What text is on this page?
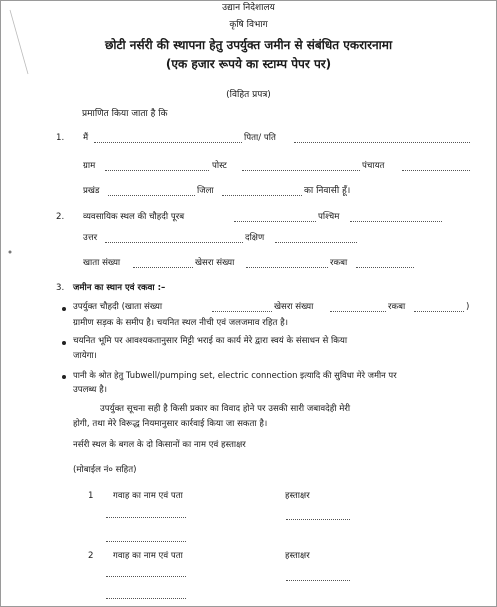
उद्यान निदेशालय
कृषि विभाग
छोटी नर्सरी की स्थापना हेतु उपर्युक्त जमीन से संबंधित एकरारनामा
(एक हजार रूपये का स्टाम्प पेपर पर)
(विहित प्रपत्र)
प्रमाणित किया जाता है कि
1. मैं	पिता/ पति
ग्राम	पोस्ट	पंचायत
प्रखंड	जिला	का निवासी हूँ।
2. व्यवसायिक स्थल की चौहदी पूरब	पश्चिम
उत्तर	दक्षिण
खाता संख्या	खेसरा संख्या	रकबा
3. जमीन का स्थान एवं रकवा :–
उपर्युक्त चौहदी (खाता संख्या	खेसरा संख्या	रकबा	)
ग्रामीण सड़क के समीप है। चयनित स्थल नीची एवं जलजमाव रहित है।
चयनित भूमि पर आवश्यकतानुसार मिट्टी भराई का कार्य मेरे द्वारा स्वयं के संसाधन से किया
जायेगा।
पानी के श्रोत हेतु Tubwell/pumping set, electric connection इत्यादि की सुविधा मेरे जमीन पर
उपलब्ध है।
उपर्युक्त सूचना सही है किसी प्रकार का विवाद होने पर उसकी सारी जबावदेही मेरी
होगी, तथा मेरे विरूद्ध नियमानुसार कार्रवाई किया जा सकता है।
नर्सरी स्थल के बगल के दो किसानों का नाम एवं हस्ताक्षर
(मोबाईल नं० सहित)
1 गवाह का नाम एवं पता	हस्ताक्षर
2 गवाह का नाम एवं पता	हस्ताक्षर
